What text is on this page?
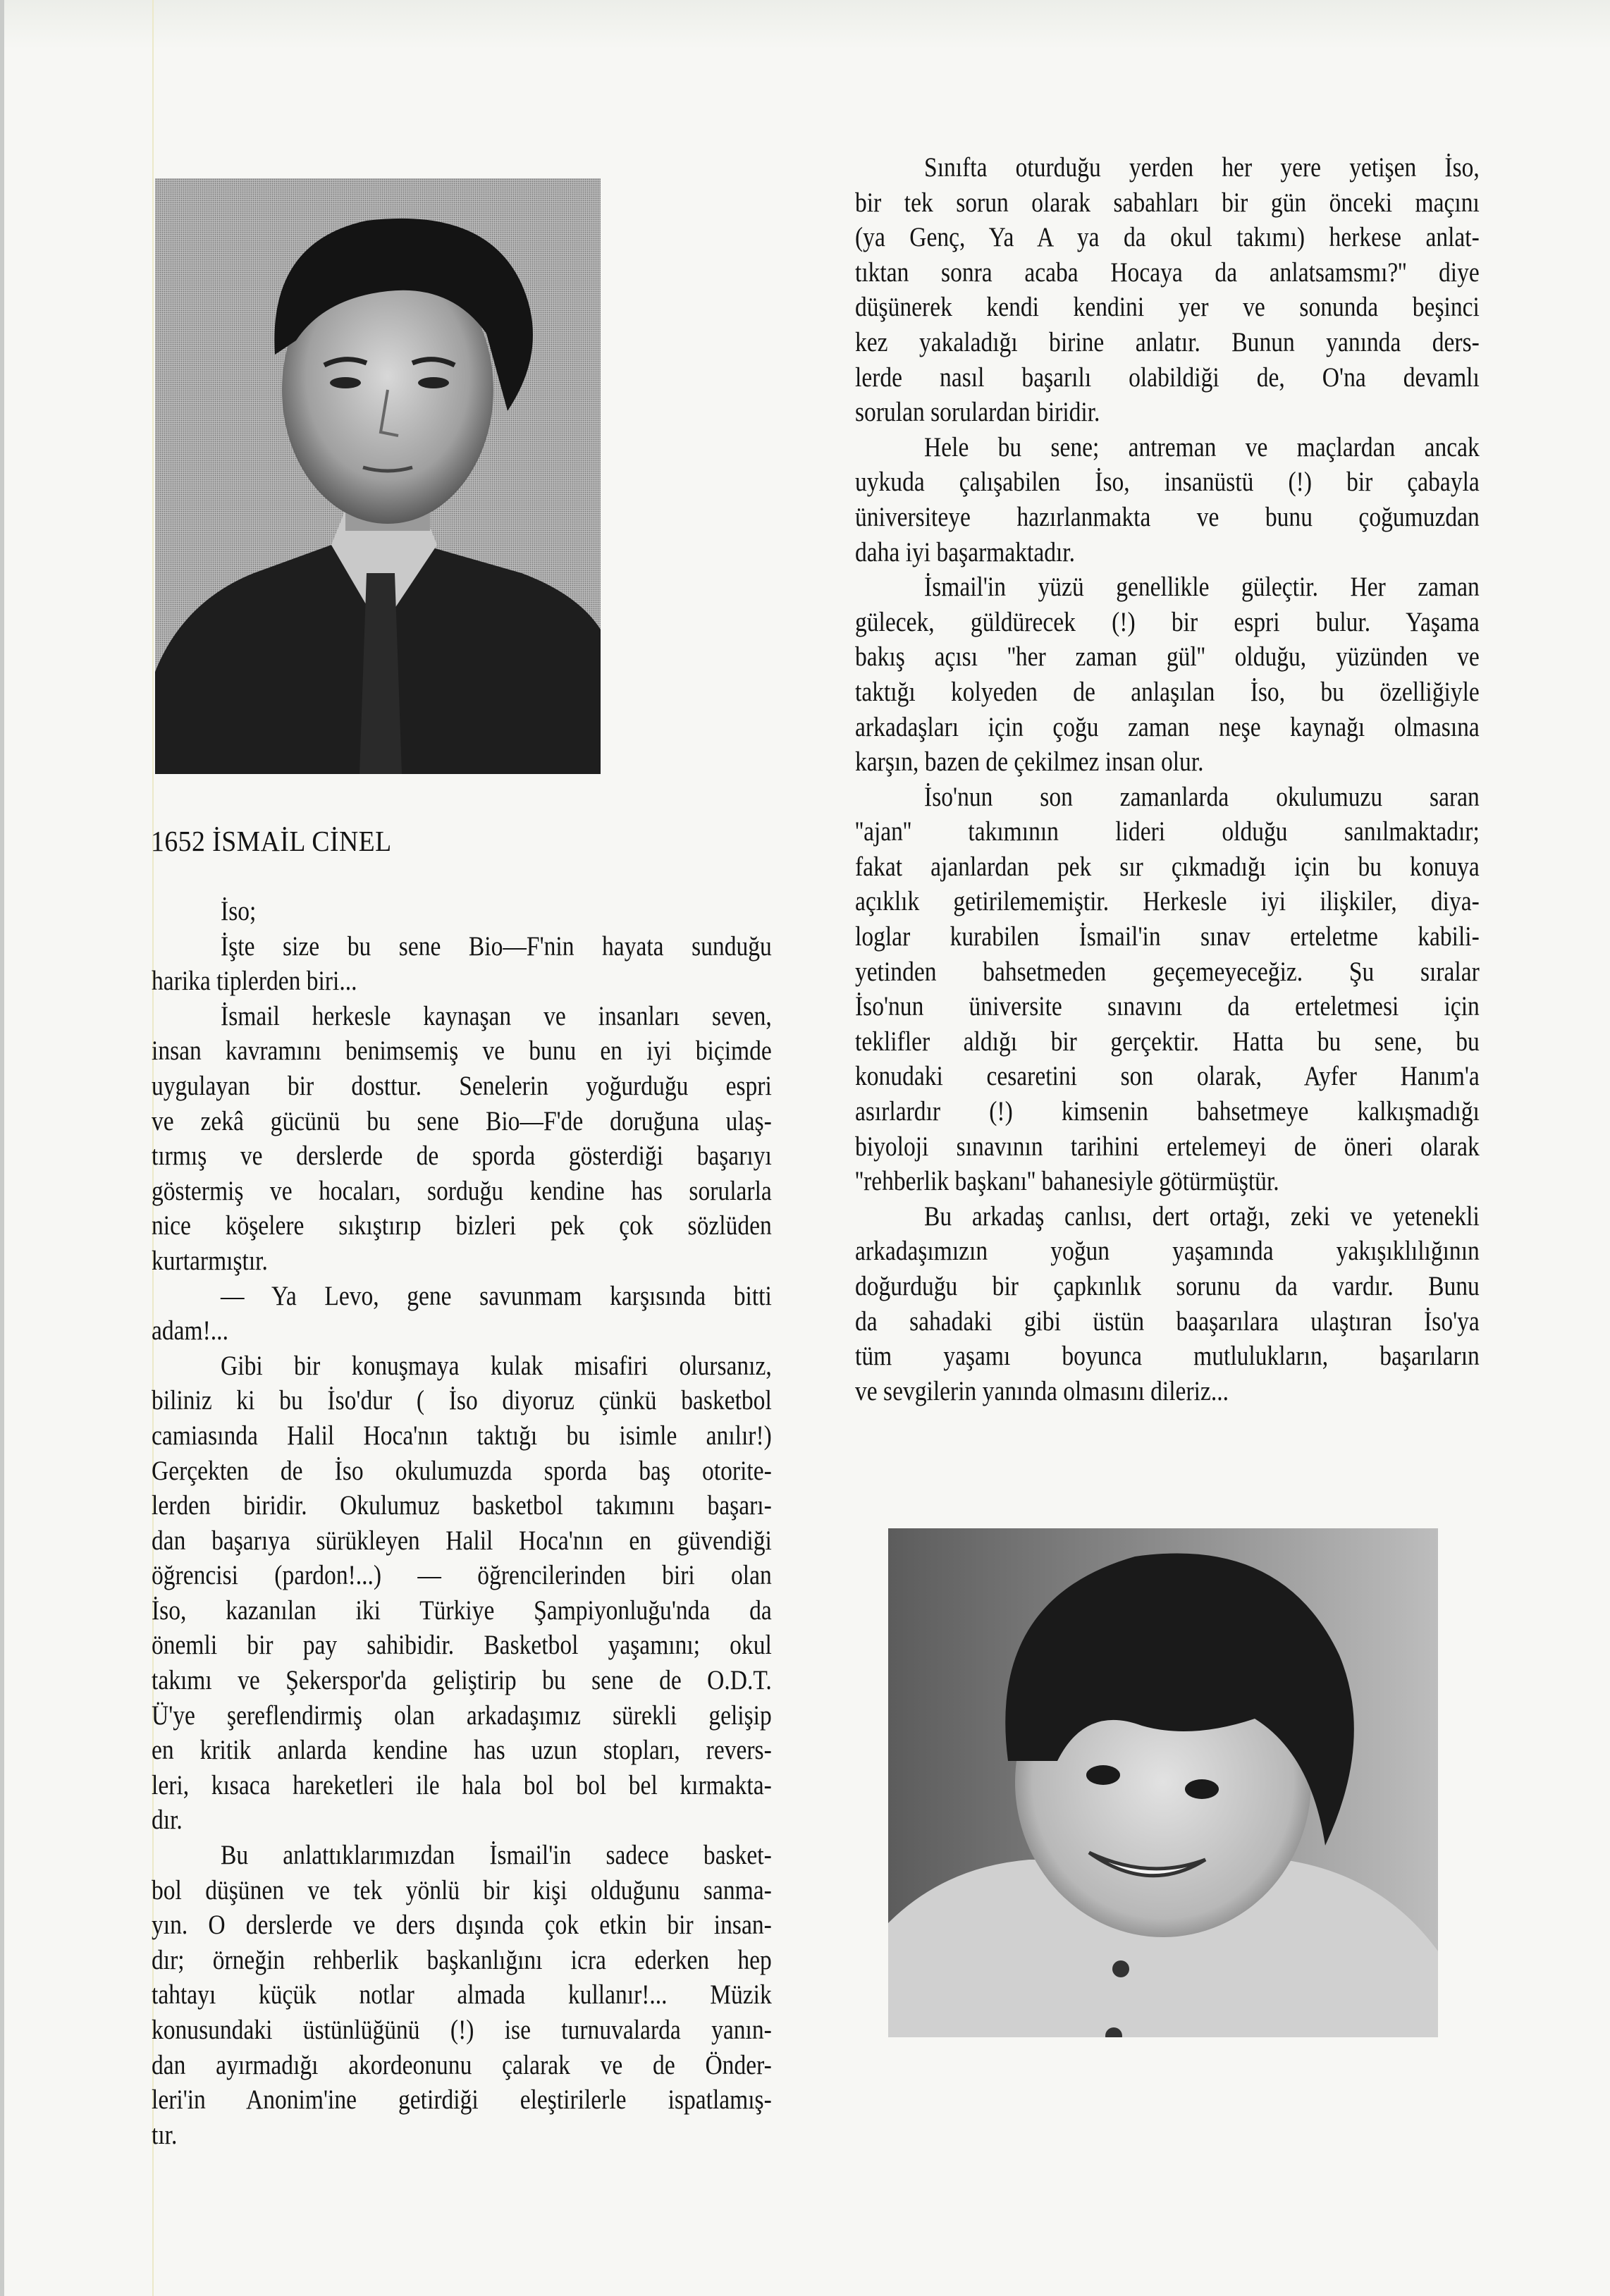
1652 İSMAİL CİNEL

İso;

İşte size bu sene Bio—F'nin hayata sunduğu
harika tiplerden biri...

İsmail herkesle kaynaşan ve insanları seven,
insan kavramını benimsemiş ve bunu en iyi biçimde
uygulayan bir dosttur. Senelerin yoğurduğu espri
ve zekâ gücünü bu sene Bio—F'de doruğuna ulaş-
tırmış ve derslerde de sporda gösterdiği başarıyı
göstermiş ve hocaları, sorduğu kendine has sorularla
nice köşelere sıkıştırıp bizleri pek çok sözlüden
kurtarmıştır.

— Ya Levo, gene savunmam karşısında bitti
adam!...

Gibi bir konuşmaya kulak misafiri olursanız,
biliniz ki bu İso'dur ( İso diyoruz çünkü basketbol
camiasında Halil Hoca'nın taktığı bu isimle anılır!)
Gerçekten de İso okulumuzda sporda baş otorite-
lerden biridir. Okulumuz basketbol takımını başarı-
dan başarıya sürükleyen Halil Hoca'nın en güvendiği
öğrencisi (pardon!...) — öğrencilerinden biri olan
İso, kazanılan iki Türkiye Şampiyonluğu'nda da
önemli bir pay sahibidir. Basketbol yaşamını; okul
takımı ve Şekerspor'da geliştirip bu sene de O.D.T.
Ü'ye şereflendirmiş olan arkadaşımız sürekli gelişip
en kritik anlarda kendine has uzun stopları, revers-
leri, kısaca hareketleri ile hala bol bol bel kırmakta-
dır.

Bu anlattıklarımızdan İsmail'in sadece basket-
bol düşünen ve tek yönlü bir kişi olduğunu sanma-
yın. O derslerde ve ders dışında çok etkin bir insan-
dır; örneğin rehberlik başkanlığını icra ederken hep
tahtayı küçük notlar almada kullanır!... Müzik
konusundaki üstünlüğünü (!) ise turnuvalarda yanın-
dan ayırmadığı akordeonunu çalarak ve de Önder-
leri'in Anonim'ine getirdiği eleştirilerle ispatlamış-
tır.

Sınıfta oturduğu yerden her yere yetişen İso,
bir tek sorun olarak sabahları bir gün önceki maçını
(ya Genç, Ya A ya da okul takımı) herkese anlat-
tıktan sonra acaba Hocaya da anlatsamsmı?'' diye
düşünerek kendi kendini yer ve sonunda beşinci
kez yakaladığı birine anlatır. Bunun yanında ders-
lerde nasıl başarılı olabildiği de, O'na devamlı
sorulan sorulardan biridir.

Hele bu sene; antreman ve maçlardan ancak
uykuda çalışabilen İso, insanüstü (!) bir çabayla
üniversiteye hazırlanmakta ve bunu çoğumuzdan
daha iyi başarmaktadır.

İsmail'in yüzü genellikle güleçtir. Her zaman
gülecek, güldürecek (!) bir espri bulur. Yaşama
bakış açısı ''her zaman gül'' olduğu, yüzünden ve
taktığı kolyeden de anlaşılan İso, bu özelliğiyle
arkadaşları için çoğu zaman neşe kaynağı olmasına
karşın, bazen de çekilmez insan olur.

İso'nun son zamanlarda okulumuzu saran
''ajan'' takımının lideri olduğu sanılmaktadır;
fakat ajanlardan pek sır çıkmadığı için bu konuya
açıklık getirilememiştir. Herkesle iyi ilişkiler, diya-
loglar kurabilen İsmail'in sınav erteletme kabili-
yetinden bahsetmeden geçemeyeceğiz. Şu sıralar
İso'nun üniversite sınavını da erteletmesi için
teklifler aldığı bir gerçektir. Hatta bu sene, bu
konudaki cesaretini son olarak, Ayfer Hanım'a
asırlardır (!) kimsenin bahsetmeye kalkışmadığı
biyoloji sınavının tarihini ertelemeyi de öneri olarak
''rehberlik başkanı'' bahanesiyle götürmüştür.

Bu arkadaş canlısı, dert ortağı, zeki ve yetenekli
arkadaşımızın yoğun yaşamında yakışıklılığının
doğurduğu bir çapkınlık sorunu da vardır. Bunu
da sahadaki gibi üstün baaşarılara ulaştıran İso'ya
tüm yaşamı boyunca mutlulukların, başarıların
ve sevgilerin yanında olmasını dileriz...
